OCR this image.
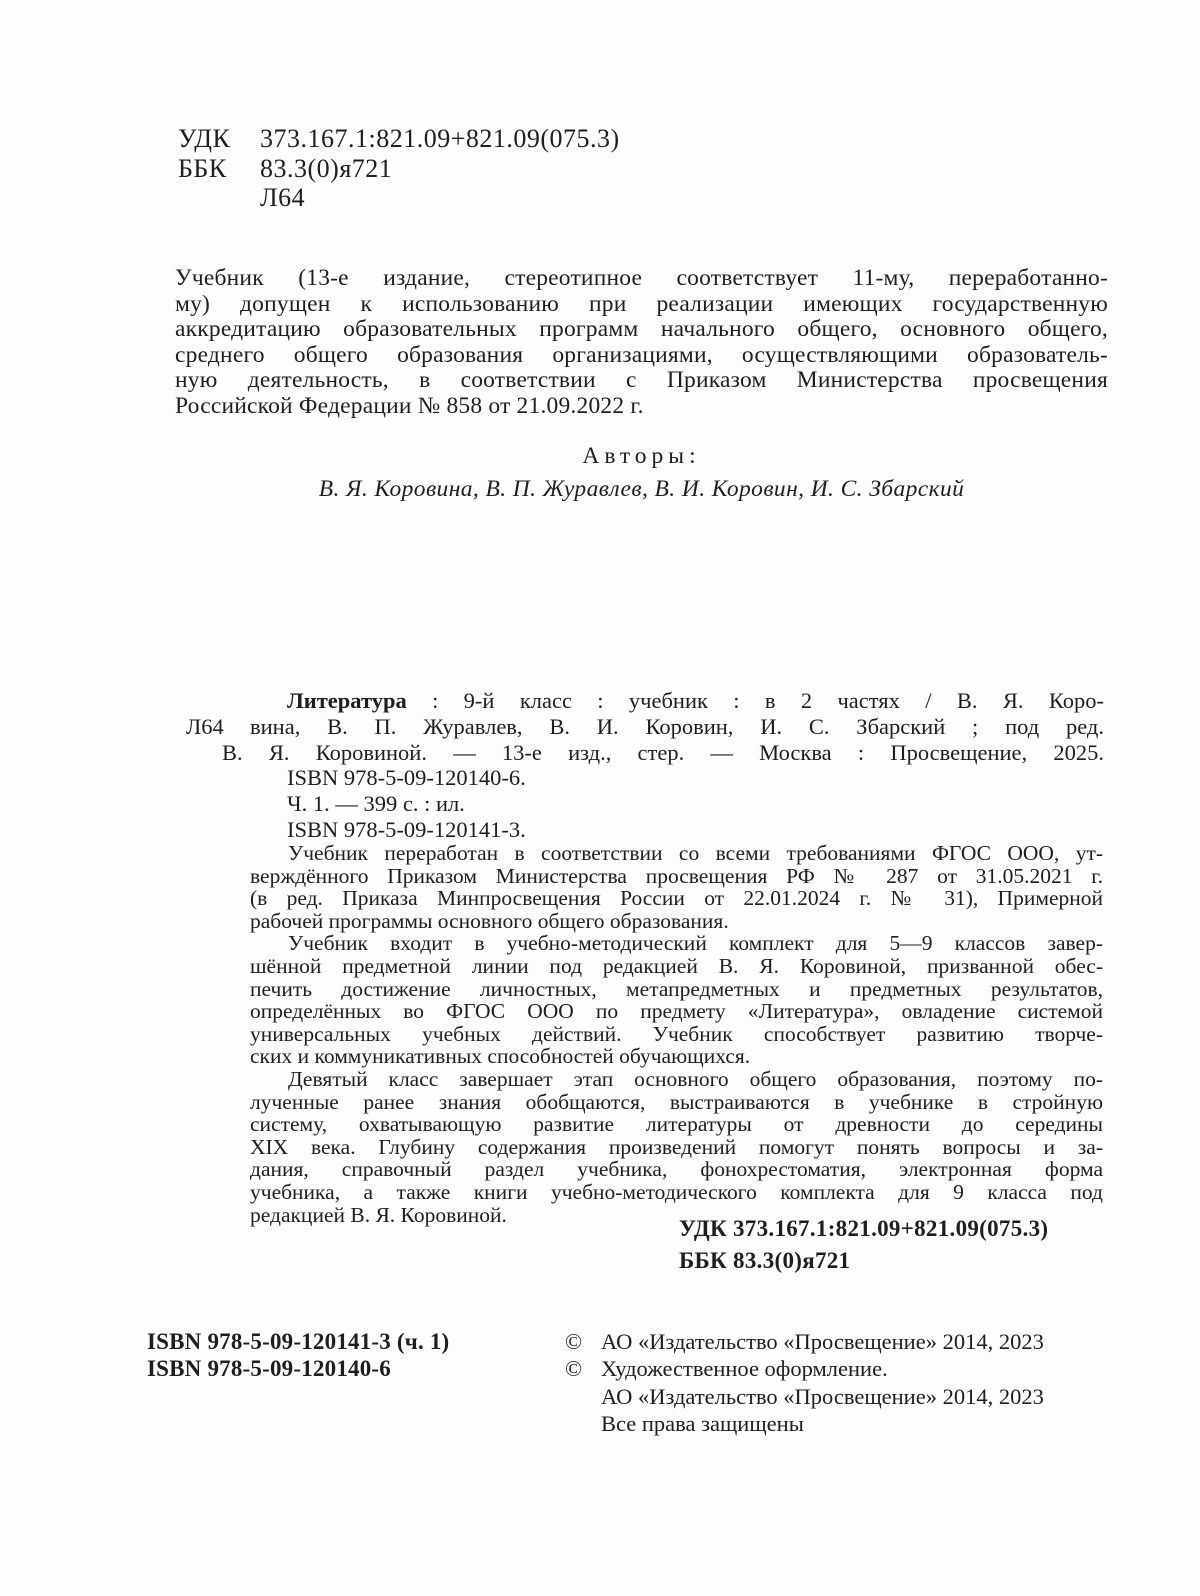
УДК	373.167.1:821.09+821.09(075.3)
ББК	83.3(0)я721
Л64
Учебник (13-е издание, стереотипное соответствует 11-му, переработанно-
му) допущен к использованию при реализации имеющих государственную
аккредитацию образовательных программ начального общего, основного общего,
среднего общего образования организациями, осуществляющими образователь-
ную деятельность, в соответствии с Приказом Министерства просвещения
Российской Федерации № 858 от 21.09.2022 г.
Авторы:
В. Я. Коровина, В. П. Журавлев, В. И. Коровин, И. С. Збарский
Литература : 9-й класс : учебник : в 2 частях / В. Я. Коро-
Л64 вина, В. П. Журавлев, В. И. Коровин, И. С. Збарский ; под ред.
В. Я. Коровиной. — 13-е изд., стер. — Москва : Просвещение, 2025.
ISBN 978-5-09-120140-6.
Ч. 1. — 399 с. : ил.
ISBN 978-5-09-120141-3.
Учебник переработан в соответствии со всеми требованиями ФГОС ООО, ут-
верждённого Приказом Министерства просвещения РФ № 287 от 31.05.2021 г.
(в ред. Приказа Минпросвещения России от 22.01.2024 г. № 31), Примерной
рабочей программы основного общего образования.
Учебник входит в учебно-методический комплект для 5—9 классов завер-
шённой предметной линии под редакцией В. Я. Коровиной, призванной обес-
печить достижение личностных, метапредметных и предметных результатов,
определённых во ФГОС ООО по предмету «Литература», овладение системой
универсальных учебных действий. Учебник способствует развитию творче-
ских и коммуникативных способностей обучающихся.
Девятый класс завершает этап основного общего образования, поэтому по-
лученные ранее знания обобщаются, выстраиваются в учебнике в стройную
систему, охватывающую развитие литературы от древности до середины
XIX века. Глубину содержания произведений помогут понять вопросы и за-
дания, справочный раздел учебника, фонохрестоматия, электронная форма
учебника, а также книги учебно-методического комплекта для 9 класса под
редакцией В. Я. Коровиной.
УДК 373.167.1:821.09+821.09(075.3)
ББК 83.3(0)я721
ISBN 978-5-09-120141-3 (ч. 1)
ISBN 978-5-09-120140-6
© АО «Издательство «Просвещение» 2014, 2023
© Художественное оформление.
АО «Издательство «Просвещение» 2014, 2023
Все права защищены
